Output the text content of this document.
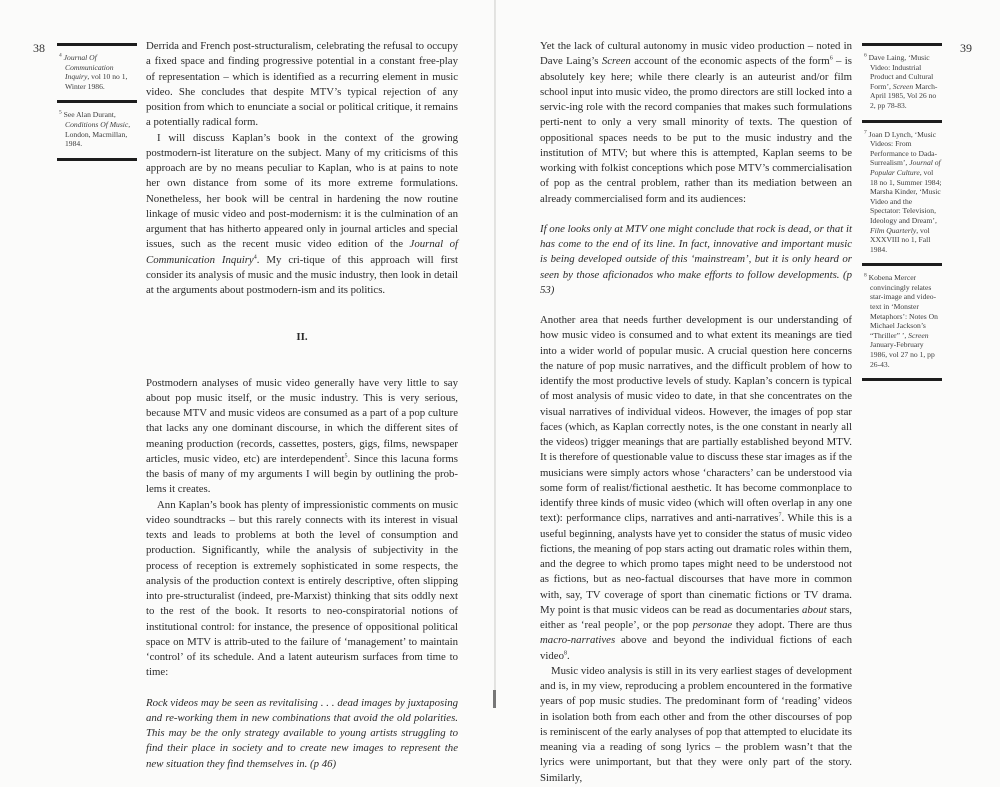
38
$^4$ Journal Of Communication Inquiry, vol 10 no 1, Winter 1986.
$^5$ See Alan Durant, Conditions Of Music, London, Macmillan, 1984.

Derrida and French post-structuralism, celebrating the refusal to occupy a fixed space and finding progressive potential in a constant free-play of representation – which is identified as a recurring element in music video. She concludes that despite MTV’s typical rejection of any position from which to enunciate a social or political critique, it remains a potentially radical form.

I will discuss Kaplan’s book in the context of the growing postmodern-ist literature on the subject. Many of my criticisms of this approach are by no means peculiar to Kaplan, who is at pains to note her own distance from some of its more extreme formulations. Nonetheless, her book will be central in hardening the now routine linkage of music video and post-modernism: it is the culmination of an argument that has hitherto appeared only in journal articles and special issues, such as the recent music video edition of the Journal of Communication Inquiry$^4$. My cri-tique of this approach will first consider its analysis of music and the music industry, then look in detail at the arguments about postmodern-ism and its politics.

II.

Postmodern analyses of music video generally have very little to say about pop music itself, or the music industry. This is very serious, because MTV and music videos are consumed as a part of a pop culture that lacks any one dominant discourse, in which the different sites of meaning production (records, cassettes, posters, gigs, films, newspaper articles, music video, etc) are interdependent$^5$. Since this lacuna forms the basis of many of my arguments I will begin by outlining the prob-lems it creates.

Ann Kaplan’s book has plenty of impressionistic comments on music video soundtracks – but this rarely connects with its interest in visual texts and leads to problems at both the level of consumption and production. Significantly, while the analysis of subjectivity in the process of reception is extremely sophisticated in some respects, the analysis of the production context is entirely descriptive, often slipping into pre-structuralist (indeed, pre-Marxist) thinking that sits oddly next to the rest of the book. It resorts to neo-conspiratorial notions of institutional control: for instance, the presence of oppositional political space on MTV is attrib-uted to the failure of ‘management’ to maintain ‘control’ of its schedule. And a latent auteurism surfaces from time to time:

Rock videos may be seen as revitalising . . . dead images by juxtaposing and re-working them in new combinations that avoid the old polarities. This may be the only strategy available to young artists struggling to find their place in society and to create new images to represent the new situation they find themselves in. (p 46)

39
$^6$ Dave Laing, ‘Music Video: Industrial Product and Cultural Form’, Screen March-April 1985, Vol 26 no 2, pp 78-83.
$^7$ Joan D Lynch, ‘Music Videos: From Performance to Dada-Surrealism’, Journal of Popular Culture, vol 18 no 1, Summer 1984; Marsha Kinder, ‘Music Video and the Spectator: Television, Ideology and Dream’, Film Quarterly, vol XXXVIII no 1, Fall 1984.
$^8$ Kobena Mercer convincingly relates star-image and video-text in ‘Monster Metaphors’: Notes On Michael Jackson’s “Thriller” ’, Screen January-February 1986, vol 27 no 1, pp 26-43.

Yet the lack of cultural autonomy in music video production – noted in Dave Laing’s Screen account of the economic aspects of the form$^6$ – is absolutely key here; while there clearly is an auteurist and/or film school input into music video, the promo directors are still locked into a servic-ing role with the record companies that makes such formulations perti-nent to only a very small minority of texts. The question of oppositional spaces needs to be put to the music industry and the institution of MTV; but where this is attempted, Kaplan seems to be working with folkist conceptions which pose MTV’s commercialisation of pop as the central problem, rather than its mediation between an already commercialised form and its audiences:

If one looks only at MTV one might conclude that rock is dead, or that it has come to the end of its line. In fact, innovative and important music is being developed outside of this ‘mainstream’, but it is only heard or seen by those aficionados who make efforts to follow developments. (p 53)

Another area that needs further development is our understanding of how music video is consumed and to what extent its meanings are tied into a wider world of popular music. A crucial question here concerns the nature of pop music narratives, and the difficult problem of how to identify the most productive levels of study. Kaplan’s concern is typical of most analysis of music video to date, in that she concentrates on the visual narratives of individual videos. However, the images of pop star faces (which, as Kaplan correctly notes, is the one constant in nearly all the videos) trigger meanings that are partially established beyond MTV. It is therefore of questionable value to discuss these star images as if the musicians were simply actors whose ‘characters’ can be understood via some form of realist/fictional aesthetic. It has become commonplace to identify three kinds of music video (which will often overlap in any one text): performance clips, narratives and anti-narratives$^7$. While this is a useful beginning, analysts have yet to consider the status of music video fictions, the meaning of pop stars acting out dramatic roles within them, and the degree to which promo tapes might need to be understood not as fictions, but as neo-factual discourses that have more in common with, say, TV coverage of sport than cinematic fictions or TV drama. My point is that music videos can be read as documentaries about stars, either as ‘real people’, or the pop personae they adopt. There are thus macro-narratives above and beyond the individual fictions of each video$^8$.

Music video analysis is still in its very earliest stages of development and is, in my view, reproducing a problem encountered in the formative years of pop music studies. The predominant form of ‘reading’ videos in isolation both from each other and from the other discourses of pop is reminiscent of the early analyses of pop that attempted to elucidate its meaning via a reading of song lyrics – the problem wasn’t that the lyrics were unimportant, but that they were only part of the story. Similarly,
